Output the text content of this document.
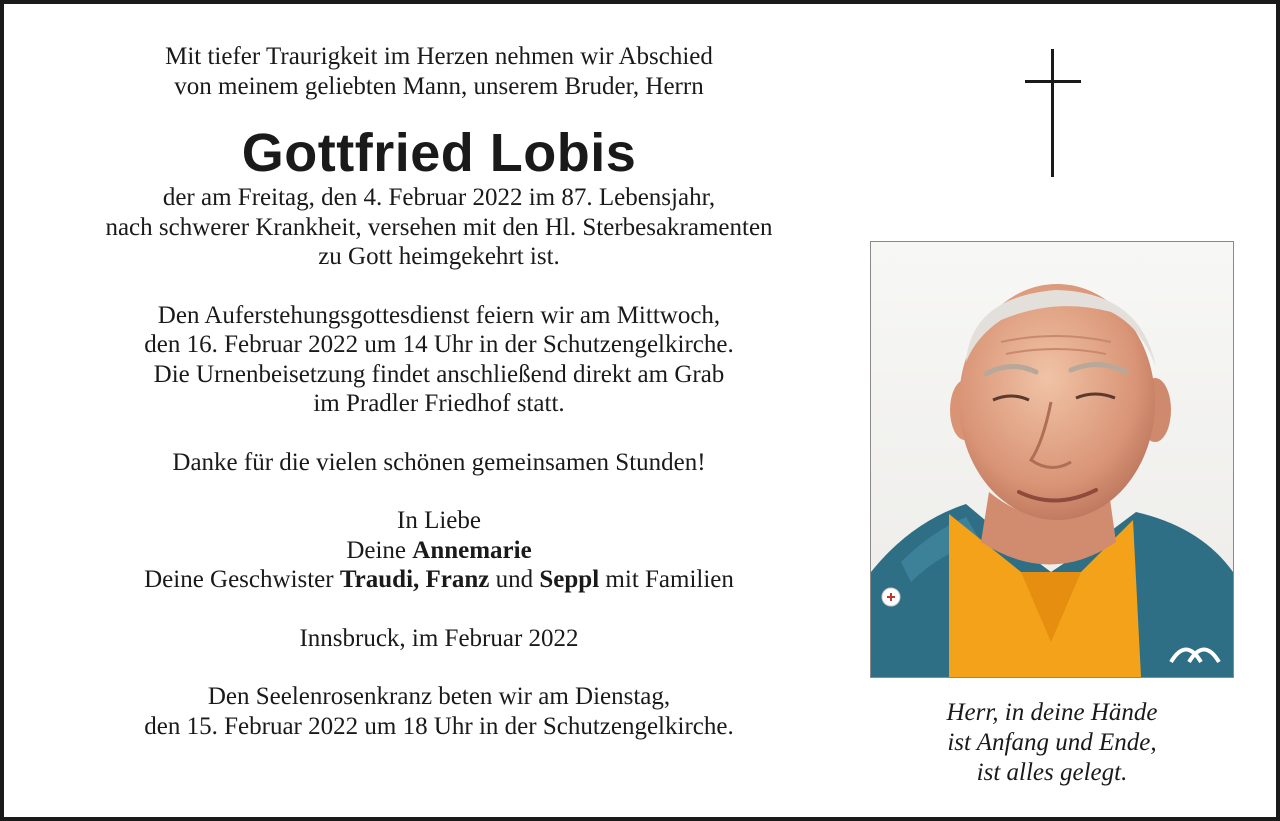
Mit tiefer Traurigkeit im Herzen nehmen wir Abschied

von meinem geliebten Mann, unserem Bruder, Herrn

Gottfried Lobis

der am Freitag, den 4. Februar 2022 im 87. Lebensjahr,

nach schwerer Krankheit, versehen mit den Hl. Sterbesakramenten

zu Gott heimgekehrt ist.

Den Auferstehungsgottesdienst feiern wir am Mittwoch,

den 16. Februar 2022 um 14 Uhr in der Schutzengelkirche.

Die Urnenbeisetzung findet anschließend direkt am Grab

im Pradler Friedhof statt.

Danke für die vielen schönen gemeinsamen Stunden!

In Liebe

Deine Annemarie

Deine Geschwister Traudi, Franz und Seppl mit Familien

Innsbruck, im Februar 2022

Den Seelenrosenkranz beten wir am Dienstag,

den 15. Februar 2022 um 18 Uhr in der Schutzengelkirche.	Herr, in deine Hände

ist Anfang und Ende,

ist alles gelegt.
